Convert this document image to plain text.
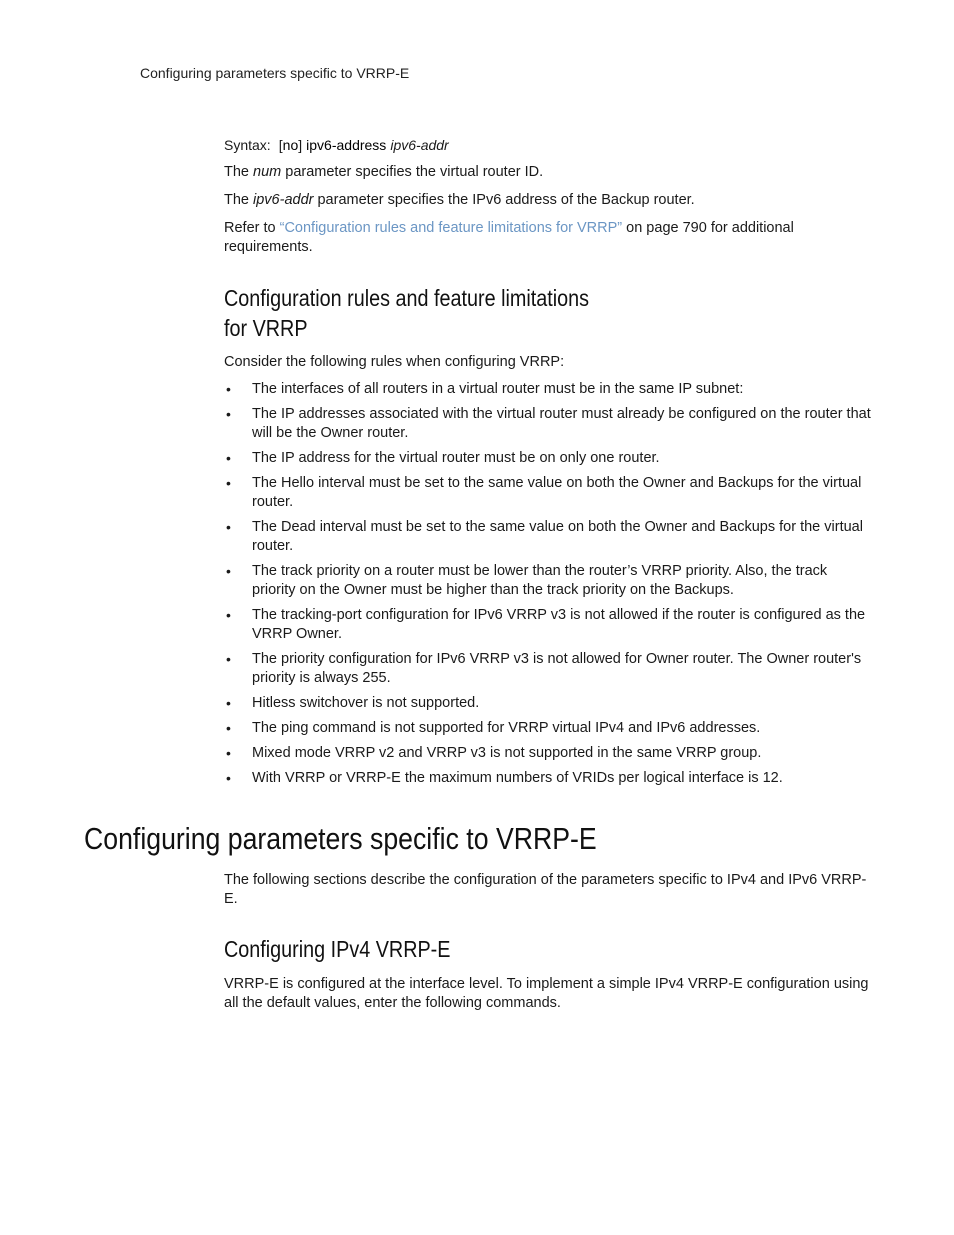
Configuring parameters specific to VRRP-E

Syntax: [no] ipv6-address ipv6-addr

The num parameter specifies the virtual router ID.

The ipv6-addr parameter specifies the IPv6 address of the Backup router.

Refer to “Configuration rules and feature limitations for VRRP” on page 790 for additional requirements.

Configuration rules and feature limitations
for VRRP

Consider the following rules when configuring VRRP:

• The interfaces of all routers in a virtual router must be in the same IP subnet:
• The IP addresses associated with the virtual router must already be configured on the router that will be the Owner router.
• The IP address for the virtual router must be on only one router.
• The Hello interval must be set to the same value on both the Owner and Backups for the virtual router.
• The Dead interval must be set to the same value on both the Owner and Backups for the virtual router.
• The track priority on a router must be lower than the router’s VRRP priority. Also, the track priority on the Owner must be higher than the track priority on the Backups.
• The tracking-port configuration for IPv6 VRRP v3 is not allowed if the router is configured as the VRRP Owner.
• The priority configuration for IPv6 VRRP v3 is not allowed for Owner router. The Owner router's priority is always 255.
• Hitless switchover is not supported.
• The ping command is not supported for VRRP virtual IPv4 and IPv6 addresses.
• Mixed mode VRRP v2 and VRRP v3 is not supported in the same VRRP group.
• With VRRP or VRRP-E the maximum numbers of VRIDs per logical interface is 12.
Configuring parameters specific to VRRP-E

The following sections describe the configuration of the parameters specific to IPv4 and IPv6 VRRP-E.

Configuring IPv4 VRRP-E

VRRP-E is configured at the interface level. To implement a simple IPv4 VRRP-E configuration using all the default values, enter the following commands.
